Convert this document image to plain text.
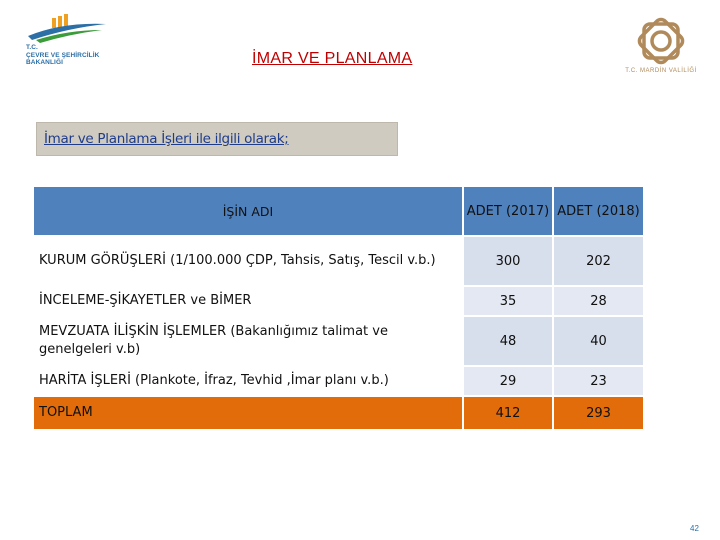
T.C.
ÇEVRE VE ŞEHİRCİLİK
BAKANLIĞI	İMAR VE PLANLAMA
T.C. MARDİN VALİLİĞİ
İmar ve Planlama İşleri ile ilgili olarak;
İŞİN ADI	ADET (2017)	ADET (2018)
KURUM GÖRÜŞLERİ (1/100.000 ÇDP, Tahsis, Satış, Tescil v.b.)	300	202
İNCELEME-ŞİKAYETLER ve BİMER	35	28
MEVZUATA İLİŞKİN İŞLEMLER (Bakanlığımız talimat ve genelgeleri v.b)	48	40
HARİTA İŞLERİ (Plankote, İfraz, Tevhid ,İmar planı v.b.)	29	23
TOPLAM	412	293
42
